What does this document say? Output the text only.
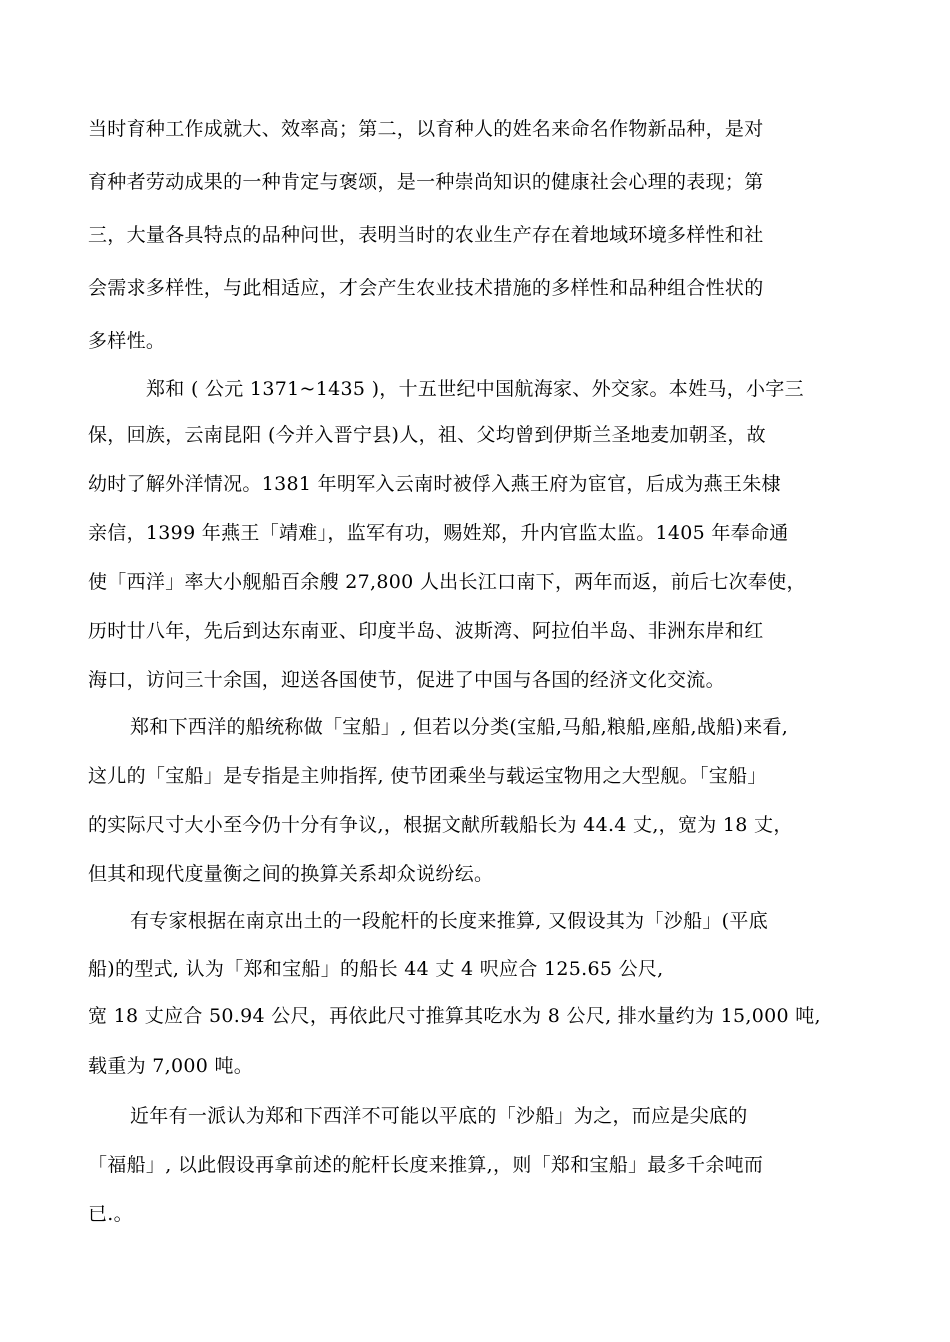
当时育种工作成就大、效率高；第二，以育种人的姓名来命名作物新品种，是对
育种者劳动成果的一种肯定与褒颂，是一种崇尚知识的健康社会心理的表现；第
三，大量各具特点的品种问世，表明当时的农业生产存在着地域环境多样性和社
会需求多样性，与此相适应，才会产生农业技术措施的多样性和品种组合性状的
多样性。
郑和 ( 公元 1371~1435 )，十五世纪中国航海家、外交家。本姓马，小字三
保，回族，云南昆阳 (今并入晋宁县)人，祖、父均曾到伊斯兰圣地麦加朝圣，故
幼时了解外洋情况。1381 年明军入云南时被俘入燕王府为宦官，后成为燕王朱棣
亲信，1399 年燕王「靖难」，监军有功，赐姓郑，升内官监太监。1405 年奉命通
使「西洋」率大小舰船百余艘 27,800 人出长江口南下，两年而返，前后七次奉使，
历时廿八年，先后到达东南亚、印度半岛、波斯湾、阿拉伯半岛、非洲东岸和红
海口，访问三十余国，迎送各国使节，促进了中国与各国的经济文化交流。
郑和下西洋的船统称做「宝船」, 但若以分类(宝船,马船,粮船,座船,战船)来看,
这儿的「宝船」是专指是主帅指挥, 使节团乘坐与载运宝物用之大型舰。「宝船」
的实际尺寸大小至今仍十分有争议,，根据文献所载船长为 44.4 丈,，宽为 18 丈，
但其和现代度量衡之间的换算关系却众说纷纭。
有专家根据在南京出土的一段舵杆的长度来推算, 又假设其为「沙船」(平底
船)的型式, 认为「郑和宝船」的船长 44 丈 4 呎应合 125.65 公尺,
宽 18 丈应合 50.94 公尺，再依此尺寸推算其吃水为 8 公尺, 排水量约为 15,000 吨,
载重为 7,000 吨。
近年有一派认为郑和下西洋不可能以平底的「沙船」为之，而应是尖底的
「福船」, 以此假设再拿前述的舵杆长度来推算,，则「郑和宝船」最多千余吨而
已.。
